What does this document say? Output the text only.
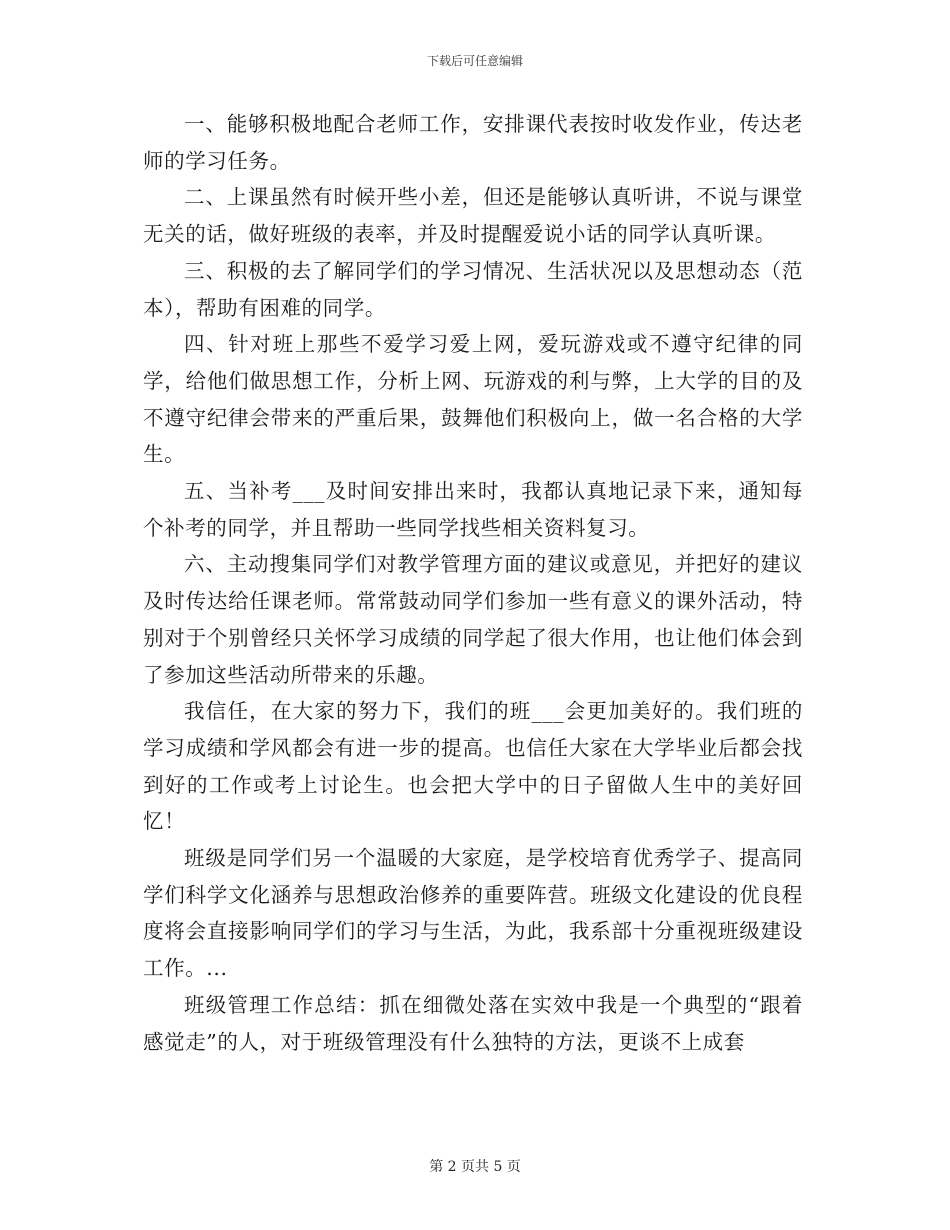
下载后可任意编辑

一、能够积极地配合老师工作，安排课代表按时收发作业，传达老师的学习任务。

二、上课虽然有时候开些小差，但还是能够认真听讲，不说与课堂无关的话，做好班级的表率，并及时提醒爱说小话的同学认真听课。

三、积极的去了解同学们的学习情况、生活状况以及思想动态（范本），帮助有困难的同学。

四、针对班上那些不爱学习爱上网，爱玩游戏或不遵守纪律的同学，给他们做思想工作，分析上网、玩游戏的利与弊，上大学的目的及不遵守纪律会带来的严重后果，鼓舞他们积极向上，做一名合格的大学生。

五、当补考___及时间安排出来时，我都认真地记录下来，通知每个补考的同学，并且帮助一些同学找些相关资料复习。

六、主动搜集同学们对教学管理方面的建议或意见，并把好的建议及时传达给任课老师。常常鼓动同学们参加一些有意义的课外活动，特别对于个别曾经只关怀学习成绩的同学起了很大作用，也让他们体会到了参加这些活动所带来的乐趣。

我信任，在大家的努力下，我们的班___会更加美好的。我们班的学习成绩和学风都会有进一步的提高。也信任大家在大学毕业后都会找到好的工作或考上讨论生。也会把大学中的日子留做人生中的美好回忆！

班级是同学们另一个温暖的大家庭，是学校培育优秀学子、提高同学们科学文化涵养与思想政治修养的重要阵营。班级文化建设的优良程度将会直接影响同学们的学习与生活，为此，我系部十分重视班级建设工作。...

班级管理工作总结：抓在细微处落在实效中我是一个典型的“跟着感觉走”的人，对于班级管理没有什么独特的方法，更谈不上成套

第 2 页共 5 页
